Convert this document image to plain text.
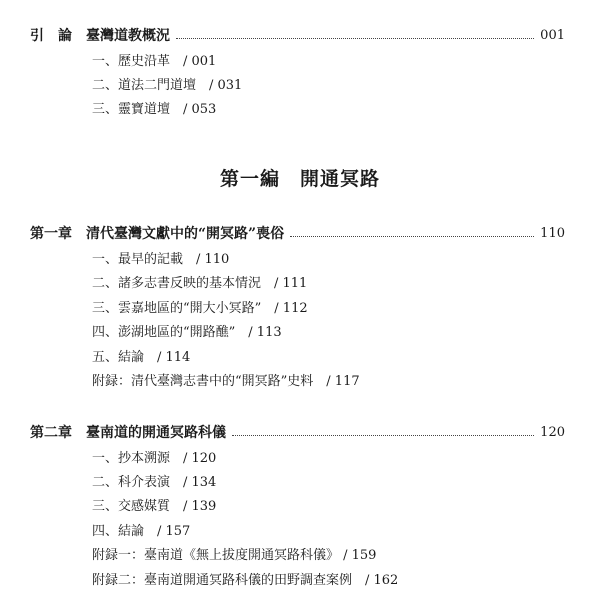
引　論 臺灣道教概況	001
一、歷史沿革　/ 001
二、道法二門道壇　/ 031
三、靈寶道壇　/ 053
第一編　開通冥路
第一章 清代臺灣文獻中的“開冥路”喪俗	110
一、最早的記載　/ 110
二、諸多志書反映的基本情況　/ 111
三、雲嘉地區的“開大小冥路”　/ 112
四、澎湖地區的“開路醮”　/ 113
五、結論　/ 114
附録：清代臺灣志書中的“開冥路”史料　/ 117
第二章 臺南道的開通冥路科儀	120
一、抄本溯源　/ 120
二、科介表演　/ 134
三、交感媒質　/ 139
四、結論　/ 157
附録一：臺南道《無上拔度開通冥路科儀》 / 159
附録二：臺南道開通冥路科儀的田野調查案例　/ 162
